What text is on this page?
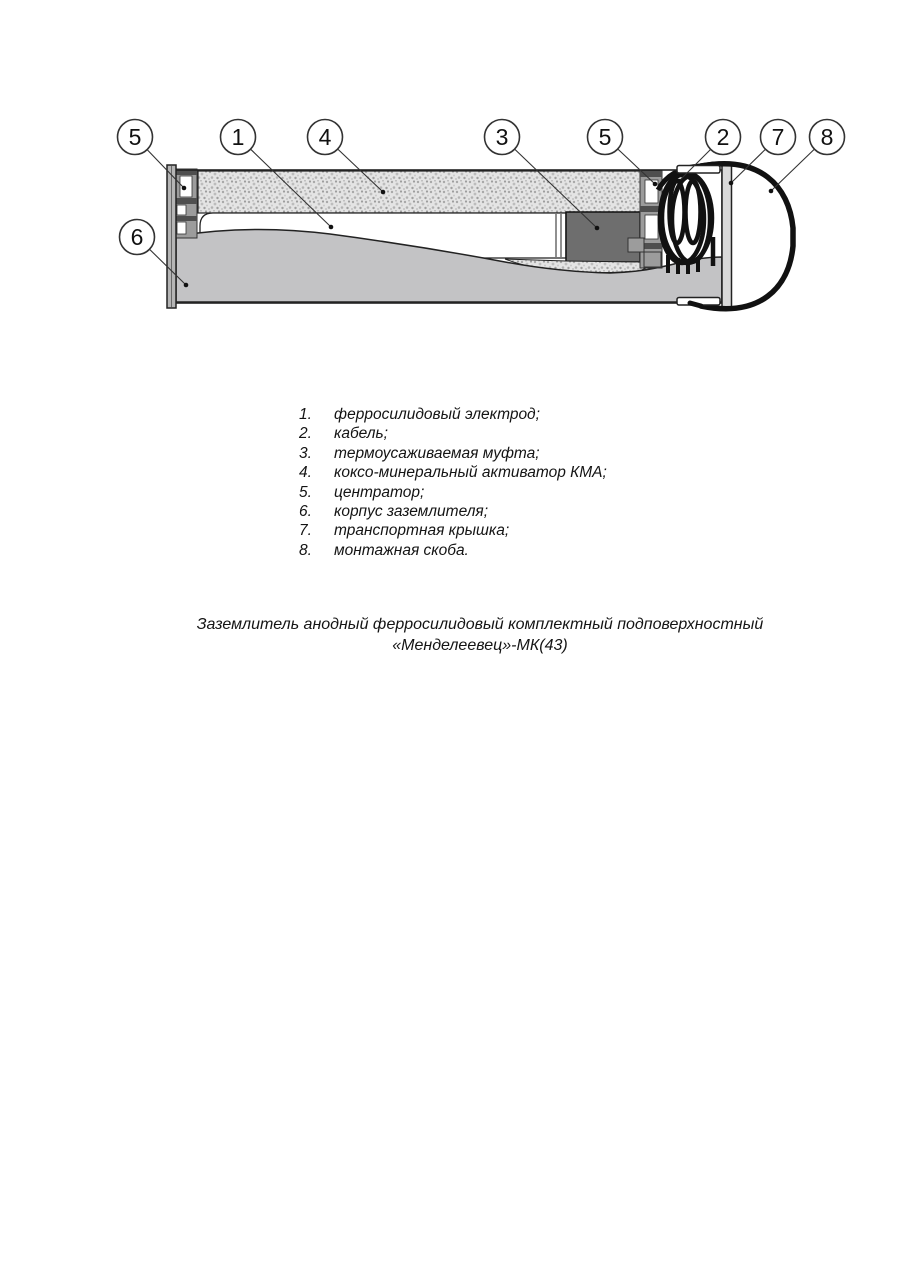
5	1	4	3	5	2 7 8
6
1.	ферросилидовый электрод;
2.	кабель;
3.	термоусаживаемая муфта;
4.	коксо-минеральный активатор КМА;
5.	центратор;
6.	корпус заземлителя;
7.	транспортная крышка;
8.	монтажная скоба.
Заземлитель анодный ферросилидовый комплектный подповерхностный
«Менделеевец»-МК(43)
